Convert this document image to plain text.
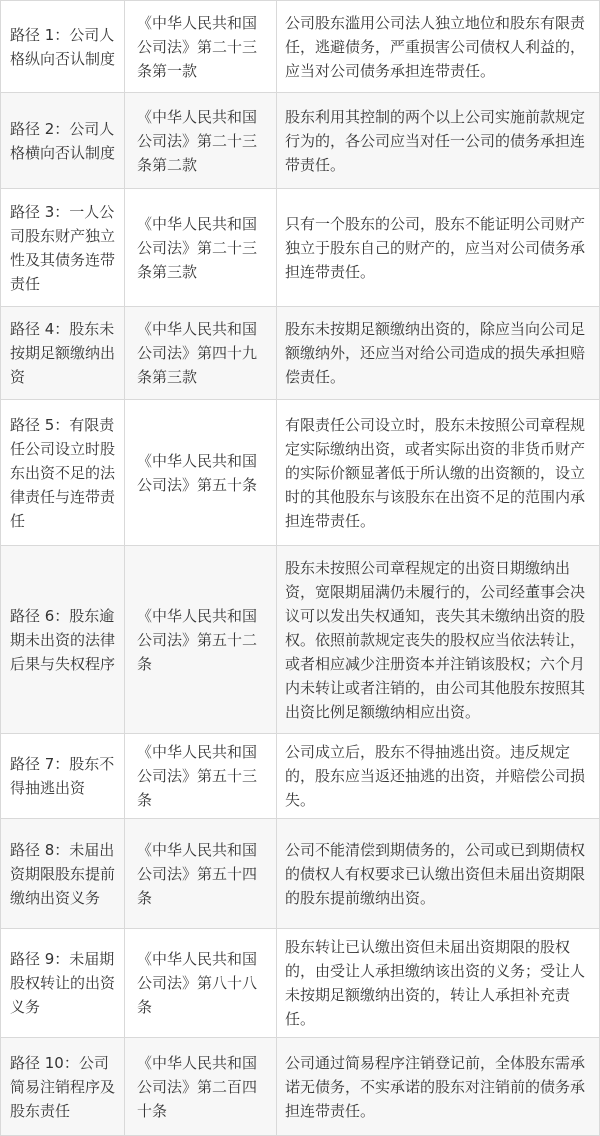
路径 1：公司人格纵向否认制度	《中华人民共和国公司法》第二十三条第一款	公司股东滥用公司法人独立地位和股东有限责任，逃避债务，严重损害公司债权人利益的，应当对公司债务承担连带责任。
路径 2：公司人格横向否认制度	《中华人民共和国公司法》第二十三条第二款	股东利用其控制的两个以上公司实施前款规定行为的，各公司应当对任一公司的债务承担连带责任。
路径 3：一人公司股东财产独立性及其债务连带责任	《中华人民共和国公司法》第二十三条第三款	只有一个股东的公司，股东不能证明公司财产独立于股东自己的财产的，应当对公司债务承担连带责任。
路径 4：股东未按期足额缴纳出资	《中华人民共和国公司法》第四十九条第三款	股东未按期足额缴纳出资的，除应当向公司足额缴纳外，还应当对给公司造成的损失承担赔偿责任。
路径 5：有限责任公司设立时股东出资不足的法律责任与连带责任	《中华人民共和国公司法》第五十条	有限责任公司设立时，股东未按照公司章程规定实际缴纳出资，或者实际出资的非货币财产的实际价额显著低于所认缴的出资额的，设立时的其他股东与该股东在出资不足的范围内承担连带责任。
路径 6：股东逾期未出资的法律后果与失权程序	《中华人民共和国公司法》第五十二条	股东未按照公司章程规定的出资日期缴纳出资，宽限期届满仍未履行的，公司经董事会决议可以发出失权通知，丧失其未缴纳出资的股权。依照前款规定丧失的股权应当依法转让，或者相应减少注册资本并注销该股权；六个月内未转让或者注销的，由公司其他股东按照其出资比例足额缴纳相应出资。
路径 7：股东不得抽逃出资	《中华人民共和国公司法》第五十三条	公司成立后，股东不得抽逃出资。违反规定的，股东应当返还抽逃的出资，并赔偿公司损失。
路径 8：未届出资期限股东提前缴纳出资义务	《中华人民共和国公司法》第五十四条	公司不能清偿到期债务的，公司或已到期债权的债权人有权要求已认缴出资但未届出资期限的股东提前缴纳出资。
路径 9：未届期股权转让的出资义务	《中华人民共和国公司法》第八十八条	股东转让已认缴出资但未届出资期限的股权的，由受让人承担缴纳该出资的义务；受让人未按期足额缴纳出资的，转让人承担补充责任。
路径 10：公司简易注销程序及股东责任	《中华人民共和国公司法》第二百四十条	公司通过简易程序注销登记前，全体股东需承诺无债务，不实承诺的股东对注销前的债务承担连带责任。
